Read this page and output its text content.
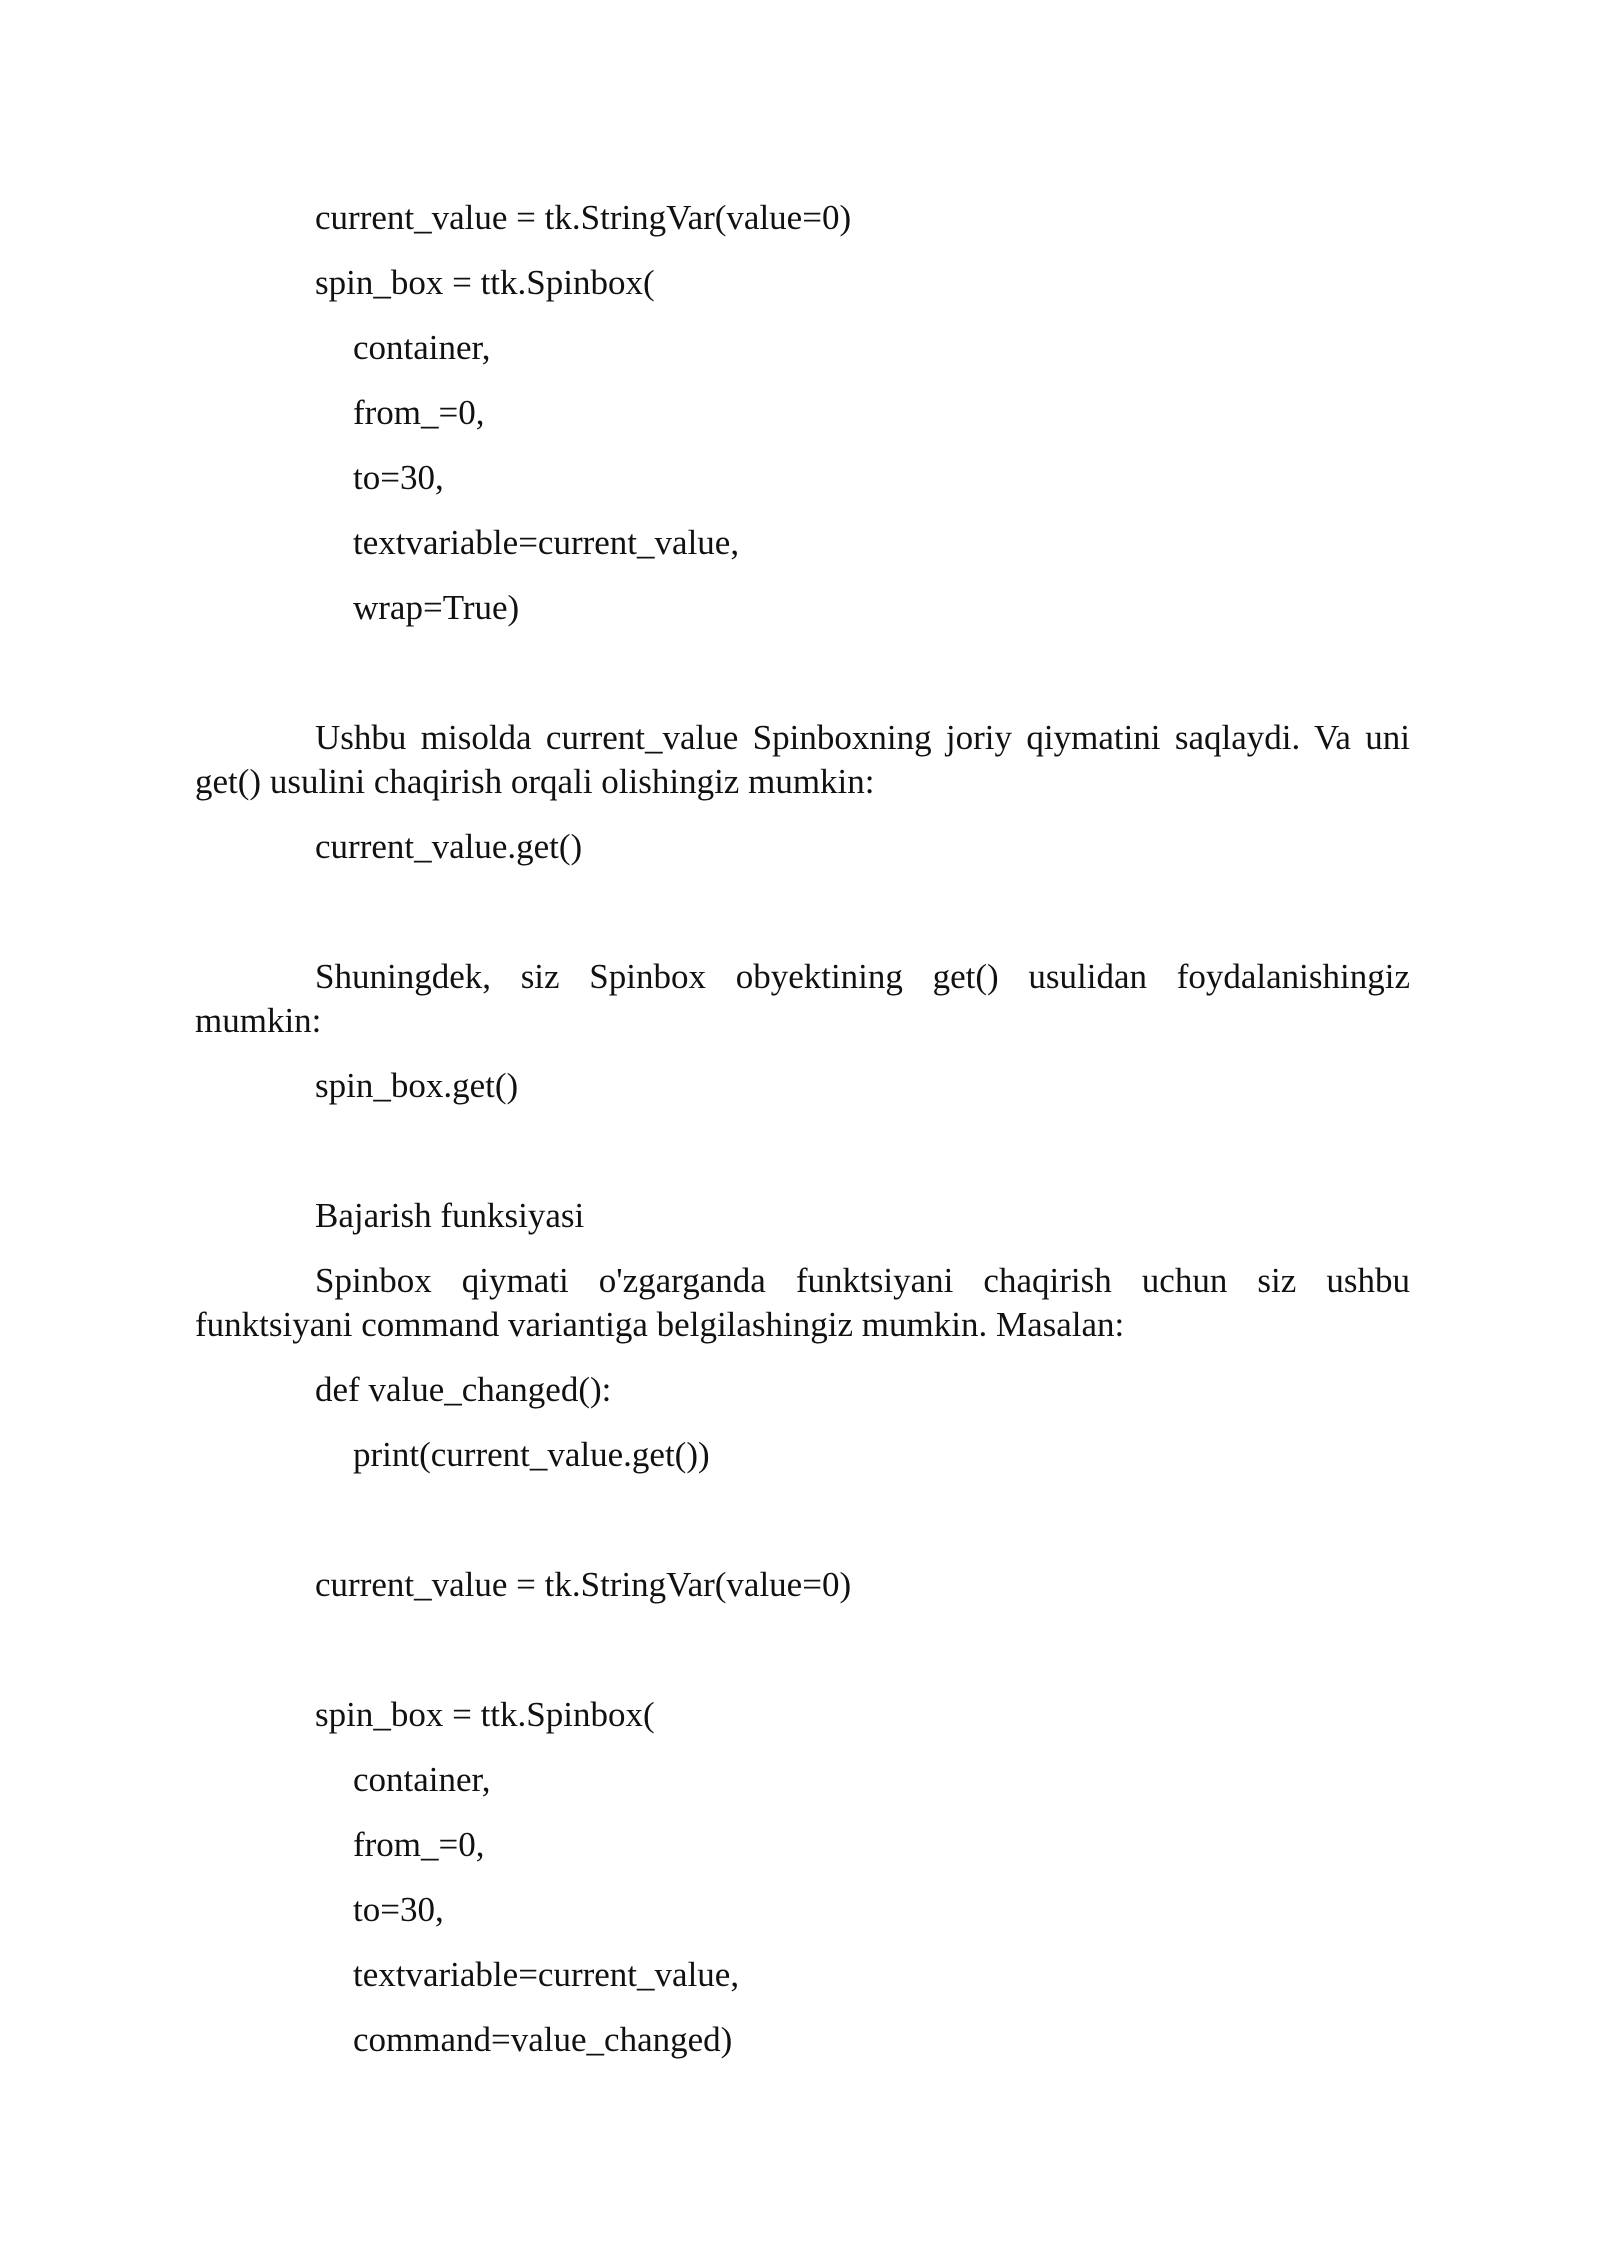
current_value = tk.StringVar(value=0)
spin_box = ttk.Spinbox(
container,
from_=0,
to=30,
textvariable=current_value,
wrap=True)
Ushbu misolda current_value Spinboxning joriy qiymatini saqlaydi. Va uni get() usulini chaqirish orqali olishingiz mumkin:
current_value.get()
Shuningdek, siz Spinbox obyektining get() usulidan foydalanishingiz mumkin:
spin_box.get()
Bajarish funksiyasi
Spinbox qiymati o'zgarganda funktsiyani chaqirish uchun siz ushbu funktsiyani command variantiga belgilashingiz mumkin. Masalan:
def value_changed():
print(current_value.get())
current_value = tk.StringVar(value=0)
spin_box = ttk.Spinbox(
container,
from_=0,
to=30,
textvariable=current_value,
command=value_changed)
